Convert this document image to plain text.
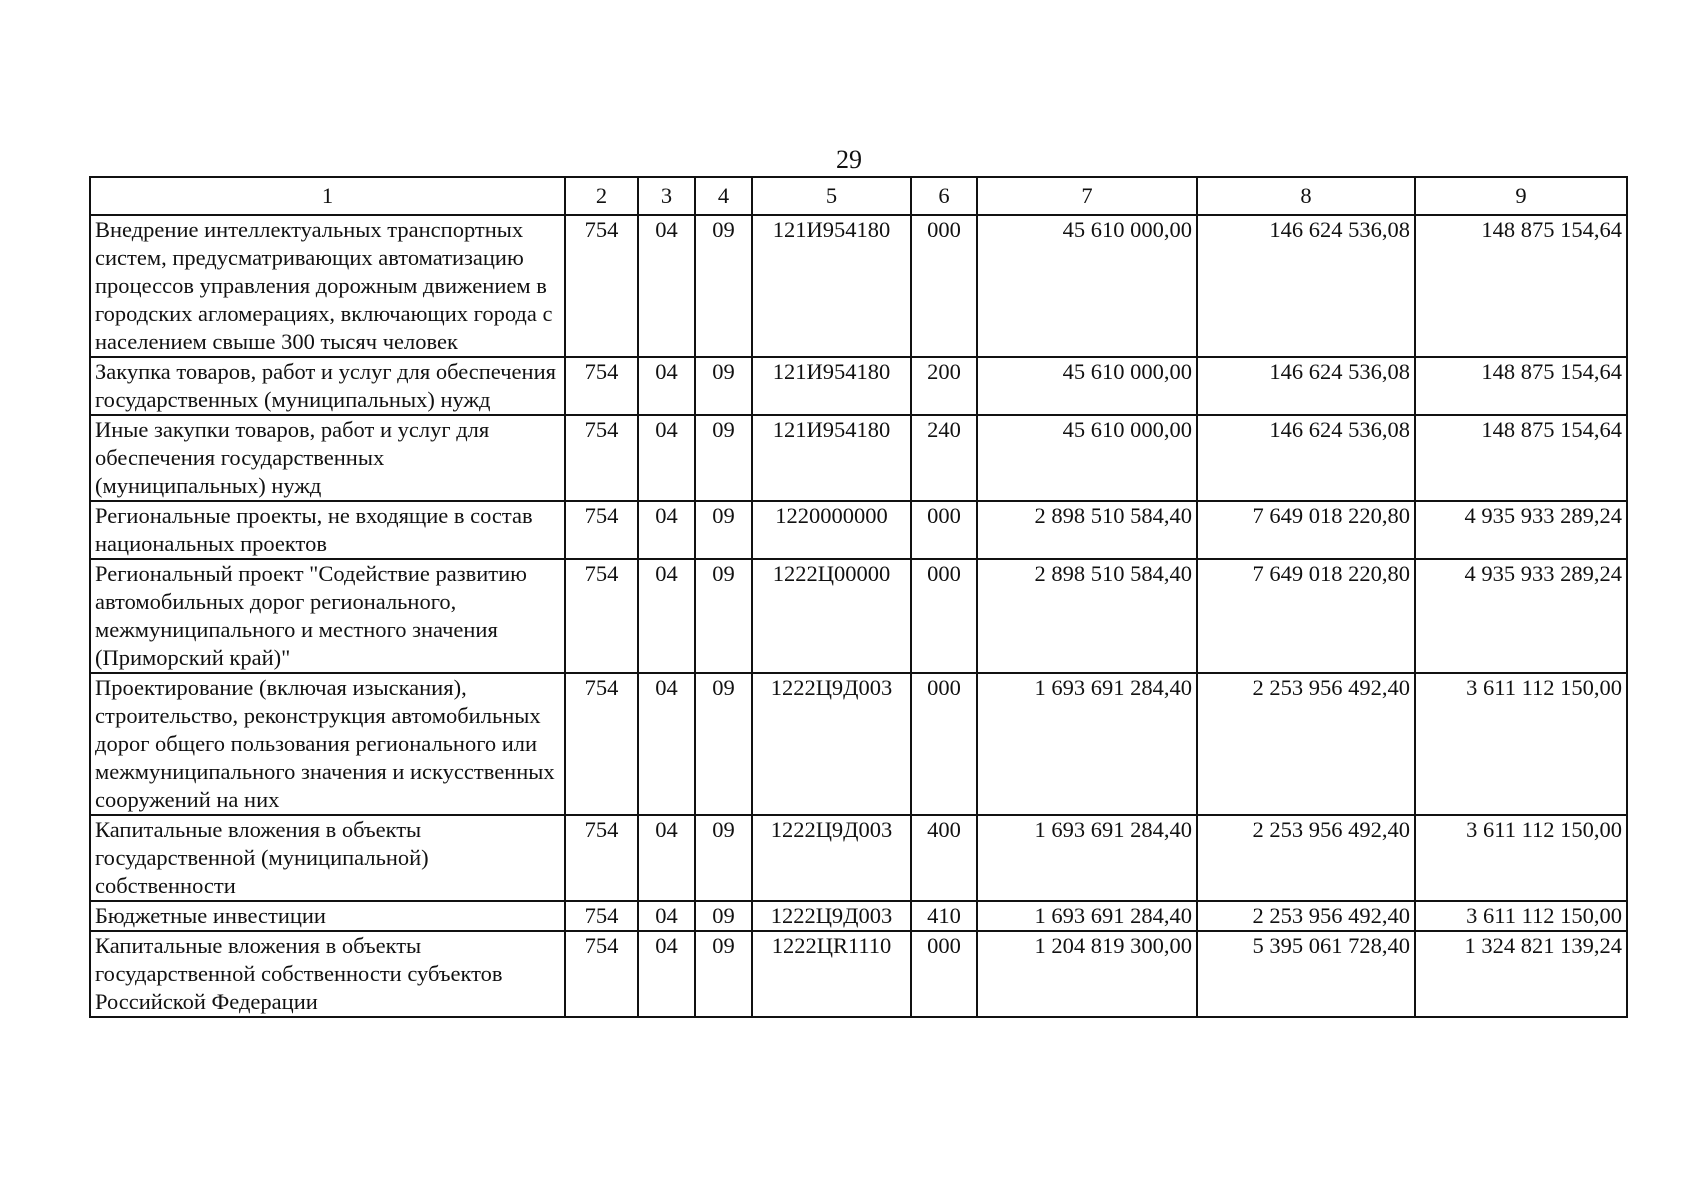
29
1	2	3	4	5	6	7	8	9
Внедрение интеллектуальных транспортных систем, предусматривающих автоматизацию процессов управления дорожным движением в городских агломерациях, включающих города с населением свыше 300 тысяч человек	754	04	09	121И954180	000	45 610 000,00	146 624 536,08	148 875 154,64
Закупка товаров, работ и услуг для обеспечения государственных (муниципальных) нужд	754	04	09	121И954180	200	45 610 000,00	146 624 536,08	148 875 154,64
Иные закупки товаров, работ и услуг для обеспечения государственных (муниципальных) нужд	754	04	09	121И954180	240	45 610 000,00	146 624 536,08	148 875 154,64
Региональные проекты, не входящие в состав национальных проектов	754	04	09	1220000000	000	2 898 510 584,40	7 649 018 220,80	4 935 933 289,24
Региональный проект "Содействие развитию автомобильных дорог регионального, межмуниципального и местного значения (Приморский край)"	754	04	09	1222Ц00000	000	2 898 510 584,40	7 649 018 220,80	4 935 933 289,24
Проектирование (включая изыскания), строительство, реконструкция автомобильных дорог общего пользования регионального или межмуниципального значения и искусственных сооружений на них	754	04	09	1222Ц9Д003	000	1 693 691 284,40	2 253 956 492,40	3 611 112 150,00
Капитальные вложения в объекты государственной (муниципальной) собственности	754	04	09	1222Ц9Д003	400	1 693 691 284,40	2 253 956 492,40	3 611 112 150,00
Бюджетные инвестиции	754	04	09	1222Ц9Д003	410	1 693 691 284,40	2 253 956 492,40	3 611 112 150,00
Капитальные вложения в объекты государственной собственности субъектов Российской Федерации	754	04	09	1222ЦR1110	000	1 204 819 300,00	5 395 061 728,40	1 324 821 139,24
